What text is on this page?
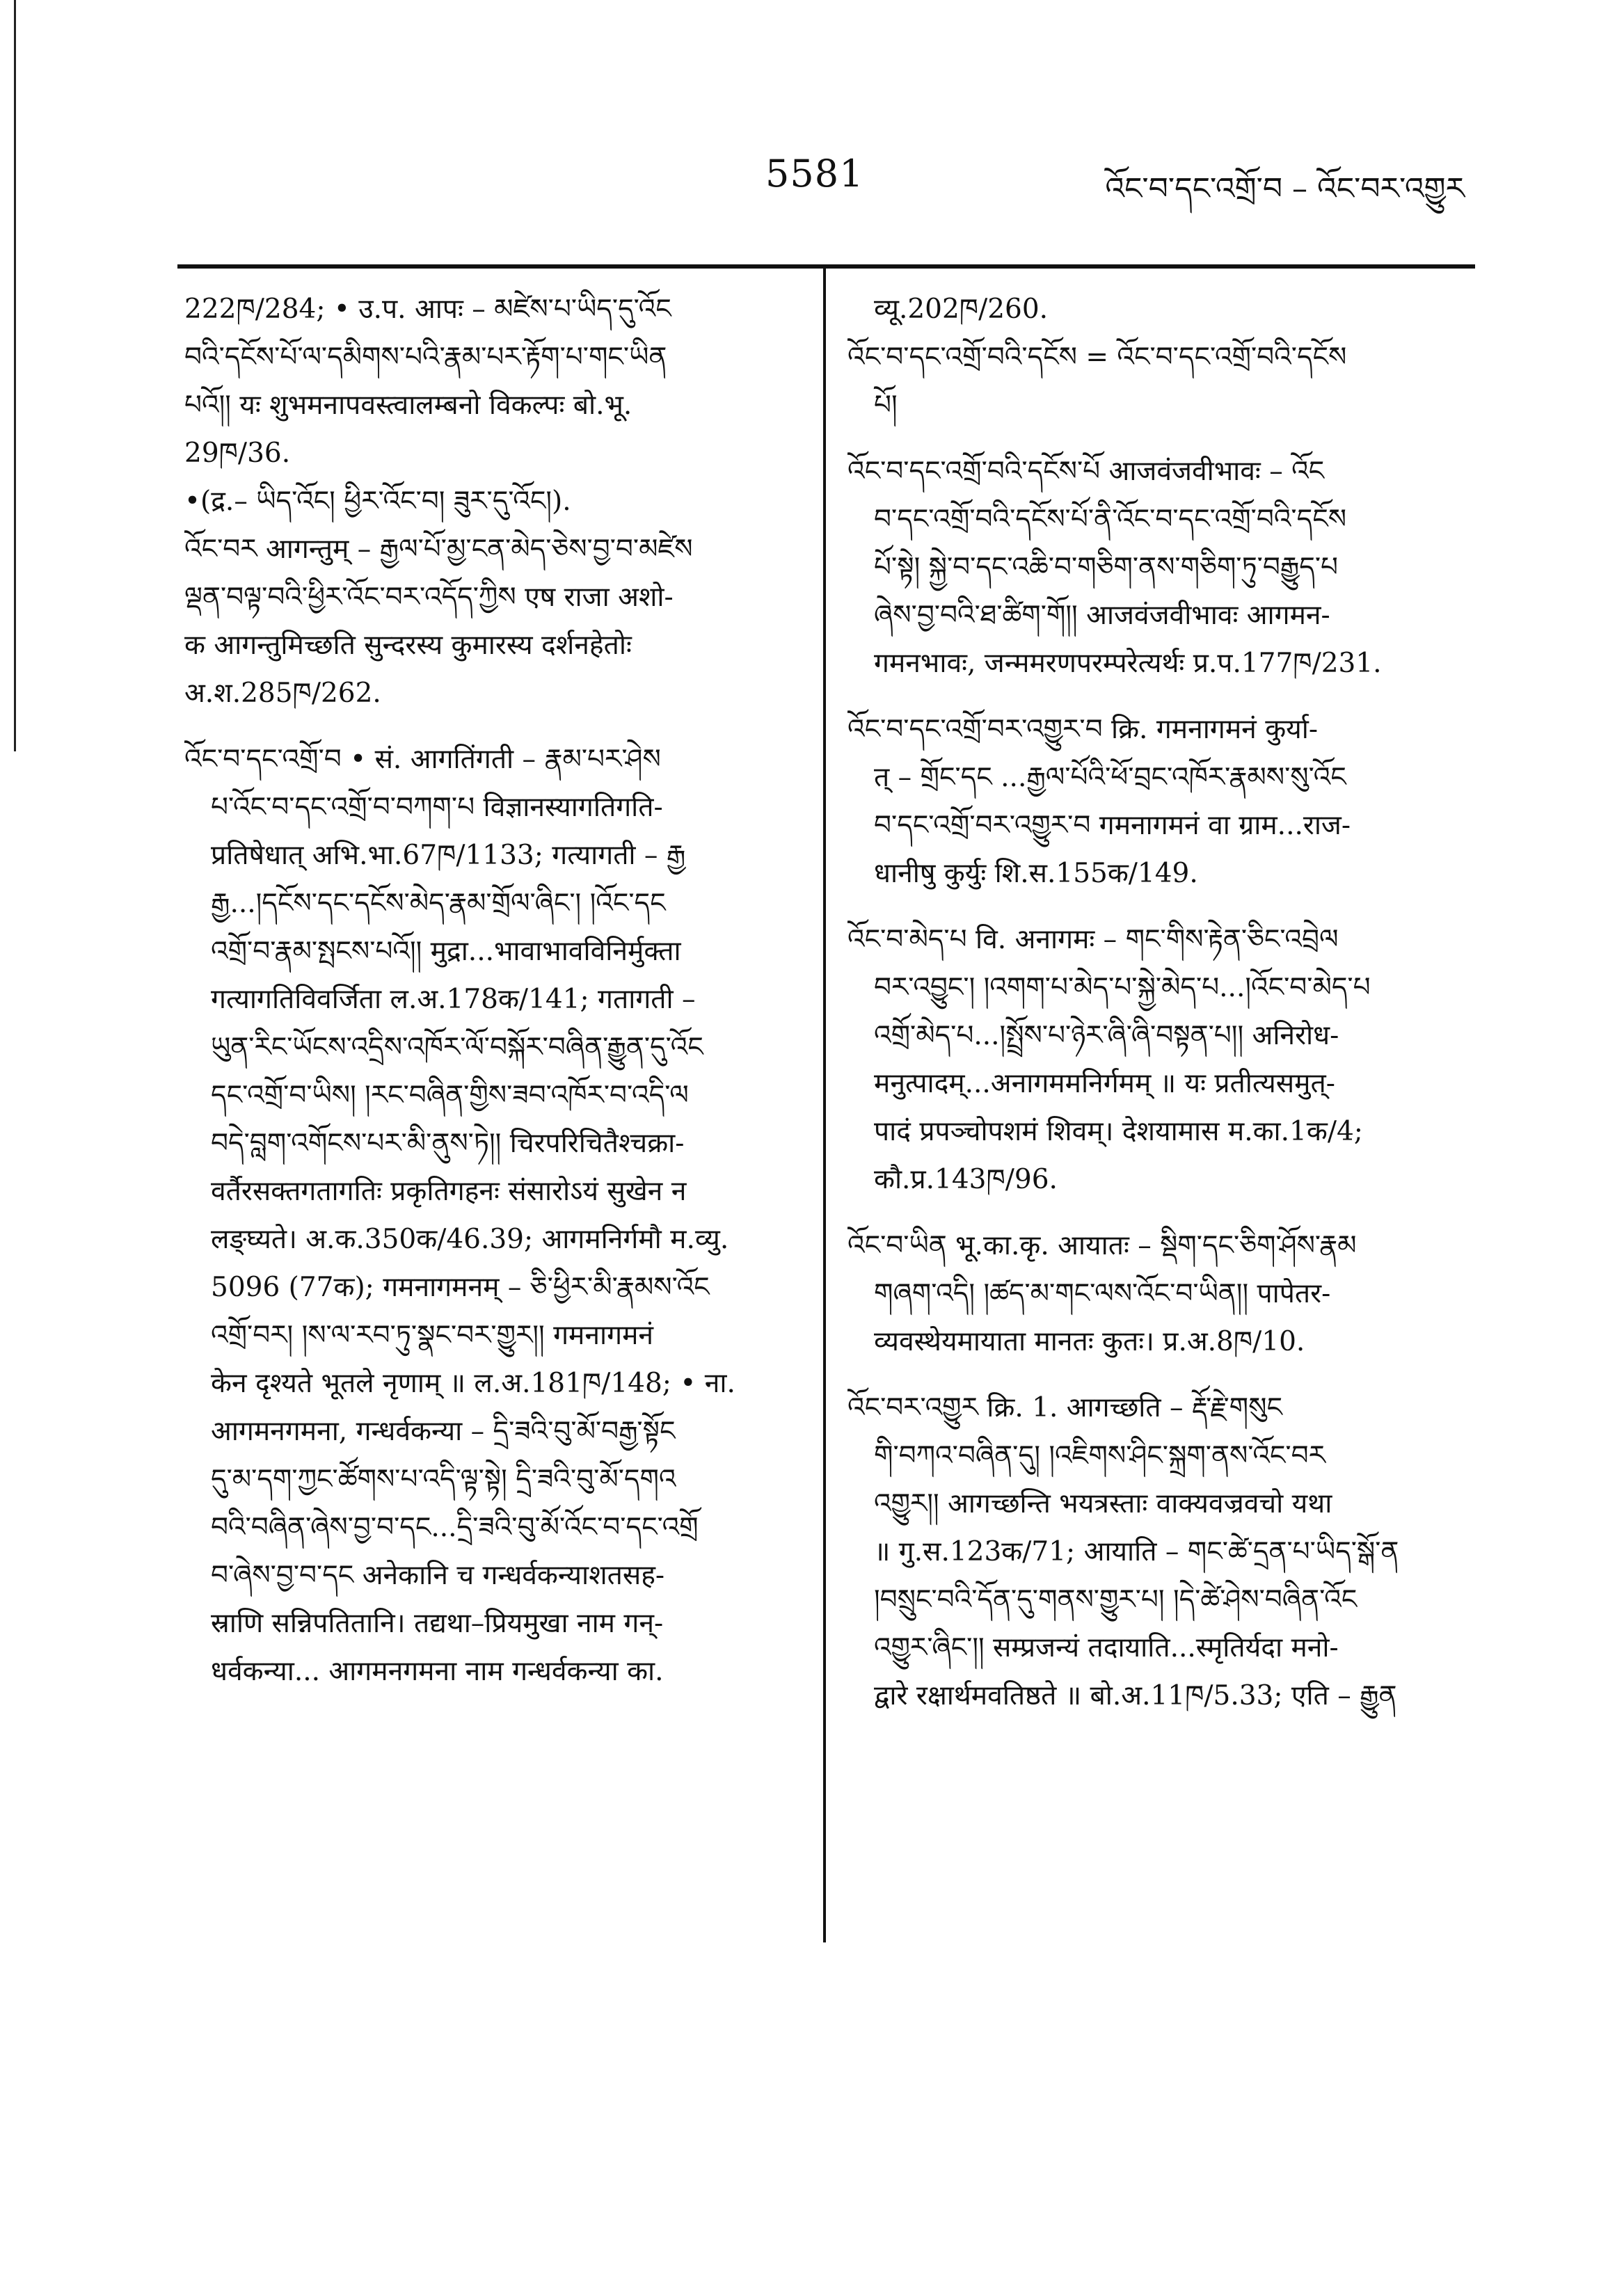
5581	འོང་བ་དང་འགྲོ་བ – འོང་བར་འགྱུར
222ཁ/284; • उ.प. आपः – མཛེས་པ་ཡིད་དུ་འོང
བའི་དངོས་པོ་ལ་དམིགས་པའི་རྣམ་པར་རྟོག་པ་གང་ཡིན
པའོ།། यः शुभमनापवस्त्वालम्बनो विकल्पः बो.भू.
29ཁ/36.
•(द्र.– ཡིད་འོང། ཕྱིར་འོང་བ། ཟུར་དུ་འོང།).
འོང་བར आगन्तुम् – རྒྱལ་པོ་མྱ་ངན་མེད་ཅེས་བྱ་བ་མཛེས
ལྡན་བལྟ་བའི་ཕྱིར་འོང་བར་འདོད་ཀྱིས एष राजा अशो-
क आगन्तुमिच्छति सुन्दरस्य कुमारस्य दर्शनहेतोः
अ.श.285ཁ/262.
འོང་བ་དང་འགྲོ་བ • सं. आगतिंगती – རྣམ་པར་ཤེས
པ་འོང་བ་དང་འགྲོ་བ་བཀག་པ विज्ञानस्यागतिगति-
प्रतिषेधात् अभि.भा.67ཁ/1133; गत्यागती – རྒྱ
རྒྱ...།དངོས་དང་དངོས་མེད་རྣམ་གྲོལ་ཞིང༌། །འོང་དང
འགྲོ་བ་རྣམ་སྤངས་པའོ།། मुद्रा...भावाभावविनिर्मुक्ता
गत्यागतिविवर्जिता ल.अ.178क/141; गतागती –
ཡུན་རིང་ཡོངས་འདྲིས་འཁོར་ལོ་བསྐོར་བཞིན་རྒྱུན་དུ་འོང
དང་འགྲོ་བ་ཡིས། །རང་བཞིན་གྱིས་ཟབ་འཁོར་བ་འདི་ལ
བདེ་བླག་འགོངས་པར་མི་ནུས་ཏེ།། चिरपरिचितैश्चक्रा-
वर्तैरसक्तगतागतिः प्रकृतिगहनः संसारोऽयं सुखेन न
लङ्घ्यते। अ.क.350क/46.39; आगमनिर्गमौ म.व्यु.
5096 (77क); गमनागमनम् – ཅི་ཕྱིར་མི་རྣམས་འོང
འགྲོ་བར། །ས་ལ་རབ་ཏུ་སྣང་བར་གྱུར།། गमनागमनं
केन दृश्यते भूतले नृणाम् ॥ ल.अ.181ཁ/148; • ना.
आगमनगमना, गन्धर्वकन्या – དྲི་ཟའི་བུ་མོ་བརྒྱ་སྟོང
དུ་མ་དག་ཀྱང་ཚོགས་པ་འདི་ལྟ་སྟེ། དྲི་ཟའི་བུ་མོ་དགའ
བའི་བཞིན་ཞེས་བྱ་བ་དང...དྲི་ཟའི་བུ་མོ་འོང་བ་དང་འགྲོ
བ་ཞེས་བྱ་བ་དང अनेकानि च गन्धर्वकन्याशतसह-
स्राणि सन्निपतितानि। तद्यथा–प्रियमुखा नाम गन्-
धर्वकन्या... आगमनगमना नाम गन्धर्वकन्या का.
व्यू.202ཁ/260.
འོང་བ་དང་འགྲོ་བའི་དངོས = འོང་བ་དང་འགྲོ་བའི་དངོས
པོ།
འོང་བ་དང་འགྲོ་བའི་དངོས་པོ आजवंजवीभावः – འོང
བ་དང་འགྲོ་བའི་དངོས་པོ་ནི་འོང་བ་དང་འགྲོ་བའི་དངོས
པོ་སྟེ། སྐྱེ་བ་དང་འཆི་བ་གཅིག་ནས་གཅིག་ཏུ་བརྒྱུད་པ
ཞེས་བྱ་བའི་ཐ་ཚིག་གོ།། आजवंजवीभावः आगमन-
गमनभावः, जन्ममरणपरम्परेत्यर्थः प्र.प.177ཁ/231.
འོང་བ་དང་འགྲོ་བར་འགྱུར་བ क्रि. गमनागमनं कुर्या-
त् – གྲོང་དང ...རྒྱལ་པོའི་ཕོ་བྲང་འཁོར་རྣམས་སུ་འོང
བ་དང་འགྲོ་བར་འགྱུར་བ गमनागमनं वा ग्राम...राज-
धानीषु कुर्युः शि.स.155क/149.
འོང་བ་མེད་པ वि. अनागमः – གང་གིས་རྟེན་ཅིང་འབྲེལ
བར་འབྱུང་། །འགག་པ་མེད་པ་སྐྱེ་མེད་པ...།འོང་བ་མེད་པ
འགྲོ་མེད་པ...།སྤྲོས་པ་ཉེར་ཞི་ཞི་བསྟན་པ།། अनिरोध-
मनुत्पादम्...अनागममनिर्गमम् ॥ यः प्रतीत्यसमुत्-
पादं प्रपञ्चोपशमं शिवम्। देशयामास म.का.1क/4;
कौ.प्र.143ཁ/96.
འོང་བ་ཡིན भू.का.कृ. आयातः – སྡིག་དང་ཅིག་ཤོས་རྣམ
གཞག་འདི། །ཚད་མ་གང་ལས་འོང་བ་ཡིན།། पापेतर-
व्यवस्थेयमायाता मानतः कुतः। प्र.अ.8ཁ/10.
འོང་བར་འགྱུར क्रि. 1. आगच्छति – རྡོ་རྗེ་གསུང
གི་བཀའ་བཞིན་དུ། །འཇིགས་ཤིང་སྐྲག་ནས་འོང་བར
འགྱུར།། आगच्छन्ति भयत्रस्ताः वाक्यवज्रवचो यथा
॥ गु.स.123क/71; आयाति – གང་ཚེ་དྲན་པ་ཡིད་སྒོ་ན
།བསྲུང་བའི་དོན་དུ་གནས་གྱུར་པ། །དེ་ཚེ་ཤེས་བཞིན་འོང
འགྱུར་ཞིང༌།། सम्प्रजन्यं तदायाति...स्मृतिर्यदा मनो-
द्वारे रक्षार्थमवतिष्ठते ॥ बो.अ.11ཁ/5.33; एति – རྒྱུན
